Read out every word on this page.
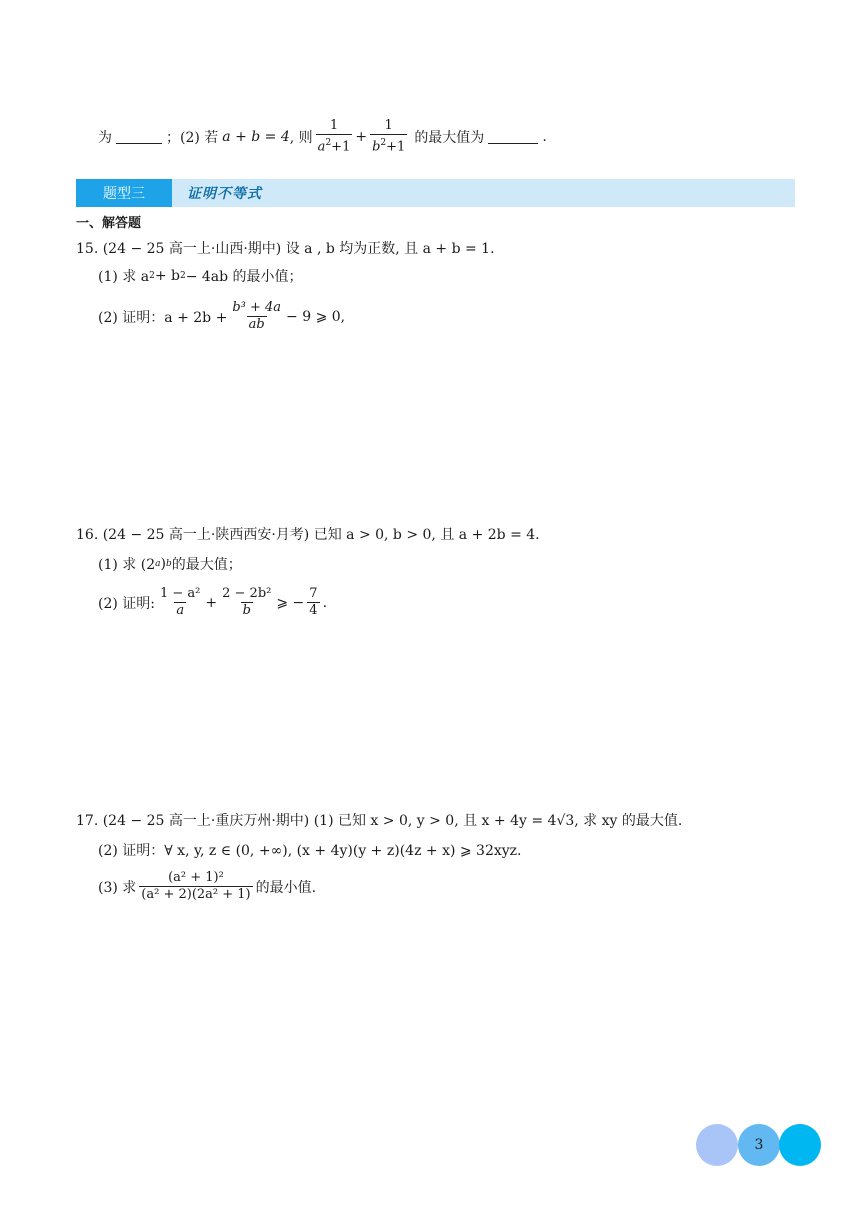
为	；(2) 若 a + b = 4 , 则 $\frac{1}{a^2+1} + \frac{1}{b^2+1}$ 的最大值为	.
题型三	证明不等式
一、解答题
15. (24 − 25 高一上·山西·期中) 设 a , b 均为正数, 且 a + b = 1.
(1) 求 a 2 + b 2 − 4ab 的最小值；
(2) 证明：$a + 2b + \frac{\text{b³ + 4a}}{ab} - 9$ ⩾ 0,
16. (24 − 25 高一上·陕西西安·月考) 已知 a > 0, b > 0, 且 a + 2b = 4.
(1) 求 (2 a ) b 的最大值；
(2) 证明: $\frac{\text{1 − a²}}{a} + \frac{\text{2 − 2b²}}{b}$ ⩾ − $\frac{7}{4}$ .
17. (24 − 25 高一上·重庆万州·期中) (1) 已知 x > 0, y > 0, 且 x + 4y = 4√3, 求 xy 的最大值.
(2) 证明：∀ x, y, z ∈ (0, +∞), (x + 4y)(y + z)(4z + x) ⩾ 32xyz.
(3) 求 $\frac{\text{(a² + 1)²}}{\text{(a² + 2)(2a² + 1)}}$ 的最小值.
3
